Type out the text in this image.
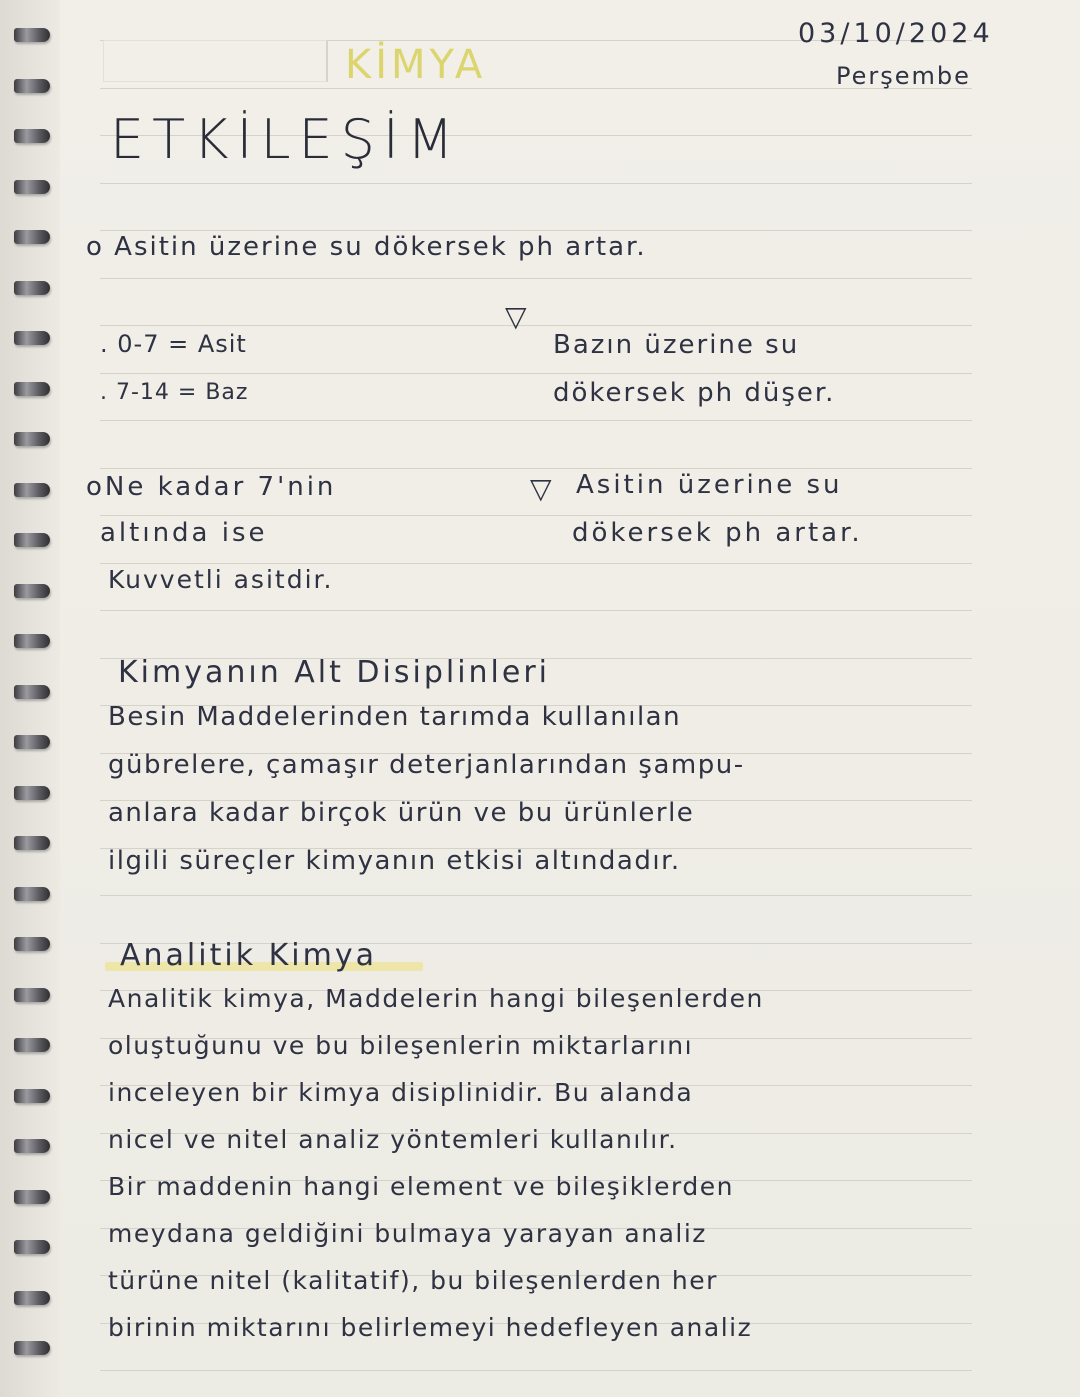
KİMYA
03/10/2024
Perşembe
ETKİLEŞİM
o Asitin üzerine su dökersek ph artar.
. 0-7 = Asit
. 7-14 = Baz
▽
Bazın üzerine su
dökersek ph düşer.
oNe kadar 7'nin
altında ise
Kuvvetli asitdir.
▽ Asitin üzerine su
dökersek ph artar.
Kimyanın Alt Disiplinleri
Besin Maddelerinden tarımda kullanılan
gübrelere, çamaşır deterjanlarından şampu-
anlara kadar birçok ürün ve bu ürünlerle
ilgili süreçler kimyanın etkisi altındadır.
Analitik Kimya
Analitik kimya, Maddelerin hangi bileşenlerden
oluştuğunu ve bu bileşenlerin miktarlarını
inceleyen bir kimya disiplinidir. Bu alanda
nicel ve nitel analiz yöntemleri kullanılır.
Bir maddenin hangi element ve bileşiklerden
meydana geldiğini bulmaya yarayan analiz
türüne nitel (kalitatif), bu bileşenlerden her
birinin miktarını belirlemeyi hedefleyen analiz
